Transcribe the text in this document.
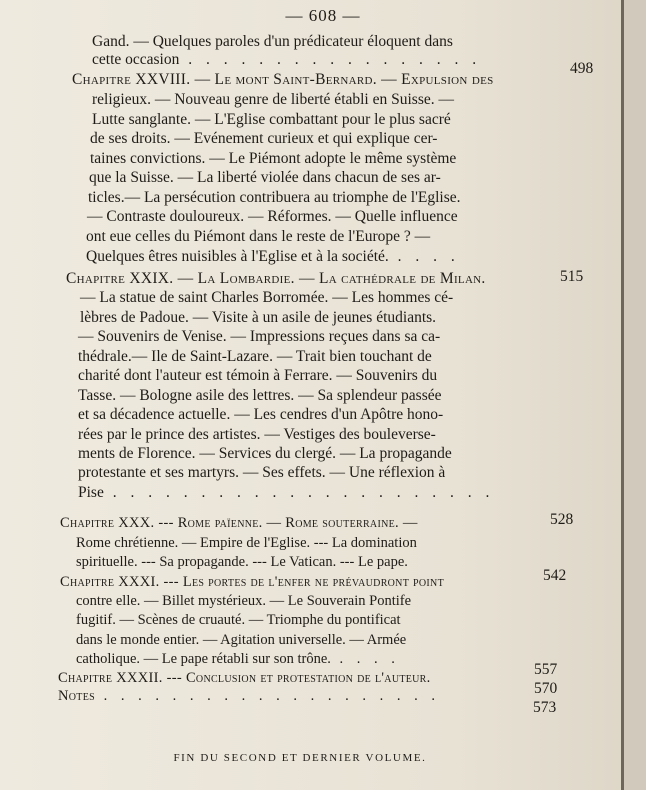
— 608 —
Gand. — Quelques paroles d'un prédicateur éloquent dans
cette occasion . . . . . . . . . . . . . . . . .
498
Chapitre XXVIII. — Le mont Saint-Bernard. — Expulsion des
religieux. — Nouveau genre de liberté établi en Suisse. —
Lutte sanglante. — L'Eglise combattant pour le plus sacré
de ses droits. — Evénement curieux et qui explique cer-
taines convictions. — Le Piémont adopte le même système
que la Suisse. — La liberté violée dans chacun de ses ar-
ticles.— La persécution contribuera au triomphe de l'Eglise.
— Contraste douloureux. — Réformes. — Quelle influence
ont eue celles du Piémont dans le reste de l'Europe ? —
Quelques êtres nuisibles à l'Eglise et à la société. . . . .
515
Chapitre XXIX. — La Lombardie. — La cathédrale de Milan.
— La statue de saint Charles Borromée. — Les hommes cé-
lèbres de Padoue. — Visite à un asile de jeunes étudiants.
— Souvenirs de Venise. — Impressions reçues dans sa ca-
thédrale.— Ile de Saint-Lazare. — Trait bien touchant de
charité dont l'auteur est témoin à Ferrare. — Souvenirs du
Tasse. — Bologne asile des lettres. — Sa splendeur passée
et sa décadence actuelle. — Les cendres d'un Apôtre hono-
rées par le prince des artistes. — Vestiges des bouleverse-
ments de Florence. — Services du clergé. — La propagande
protestante et ses martyrs. — Ses effets. — Une réflexion à
Pise . . . . . . . . . . . . . . . . . . . . . .
528
Chapitre XXX. --- Rome païenne. — Rome souterraine. —
Rome chrétienne. — Empire de l'Eglise. --- La domination
spirituelle. --- Sa propagande. --- Le Vatican. --- Le pape.
542
Chapitre XXXI. --- Les portes de l'enfer ne prévaudront point
contre elle. — Billet mystérieux. — Le Souverain Pontife
fugitif. — Scènes de cruauté. — Triomphe du pontificat
dans le monde entier. — Agitation universelle. — Armée
catholique. — Le pape rétabli sur son trône. . . . .
557
Chapitre XXXII. --- Conclusion et protestation de l'auteur.
570
Notes . . . . . . . . . . . . . . . . . . . .
573
FIN DU SECOND ET DERNIER VOLUME.
